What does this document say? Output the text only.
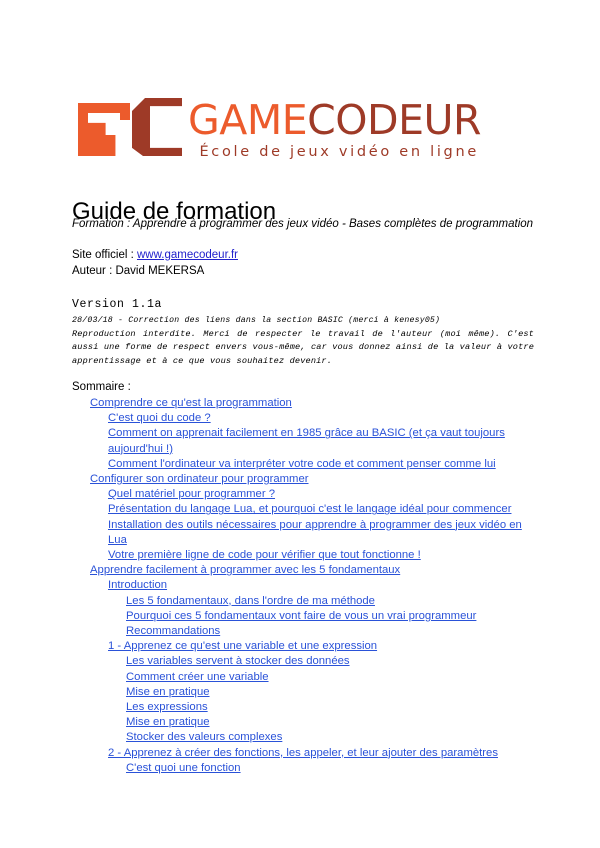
GAMECODEUR
École de jeux vidéo en ligne
Guide de formation
Formation : Apprendre à programmer des jeux vidéo - Bases complètes de programmation
Site officiel : www.gamecodeur.fr
Auteur : David MEKERSA
Version 1.1a
28/03/18 - Correction des liens dans la section BASIC (merci à kenesy05)
Reproduction interdite. Merci de respecter le travail de l'auteur (moi même). C'est aussi une forme de respect envers vous-même, car vous donnez ainsi de la valeur à votre apprentissage et à ce que vous souhaitez devenir.
Sommaire :
Comprendre ce qu'est la programmation
C'est quoi du code ?
Comment on apprenait facilement en 1985 grâce au BASIC (et ça vaut toujours aujourd'hui !)
Comment l'ordinateur va interpréter votre code et comment penser comme lui
Configurer son ordinateur pour programmer
Quel matériel pour programmer ?
Présentation du langage Lua, et pourquoi c'est le langage idéal pour commencer
Installation des outils nécessaires pour apprendre à programmer des jeux vidéo en Lua
Votre première ligne de code pour vérifier que tout fonctionne !
Apprendre facilement à programmer avec les 5 fondamentaux
Introduction
Les 5 fondamentaux, dans l'ordre de ma méthode
Pourquoi ces 5 fondamentaux vont faire de vous un vrai programmeur
Recommandations
1 - Apprenez ce qu'est une variable et une expression
Les variables servent à stocker des données
Comment créer une variable
Mise en pratique
Les expressions
Mise en pratique
Stocker des valeurs complexes
2 - Apprenez à créer des fonctions, les appeler, et leur ajouter des paramètres
C'est quoi une fonction
